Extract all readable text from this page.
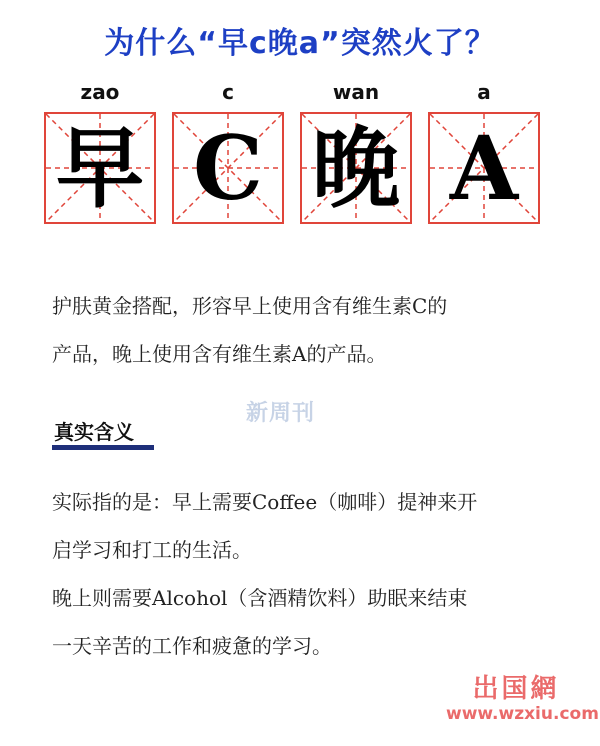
为什么“早c晚a”突然火了？
zao	c	wan	a
早 C 晚 A
护肤黄金搭配，形容早上使用含有维生素C的
产品，晚上使用含有维生素A的产品。
新周刊
真实含义
实际指的是：早上需要Coffee（咖啡）提神来开
启学习和打工的生活。
晚上则需要Alcohol（含酒精饮料）助眠来结束
一天辛苦的工作和疲惫的学习。
岀国網
www.wzxiu.com
